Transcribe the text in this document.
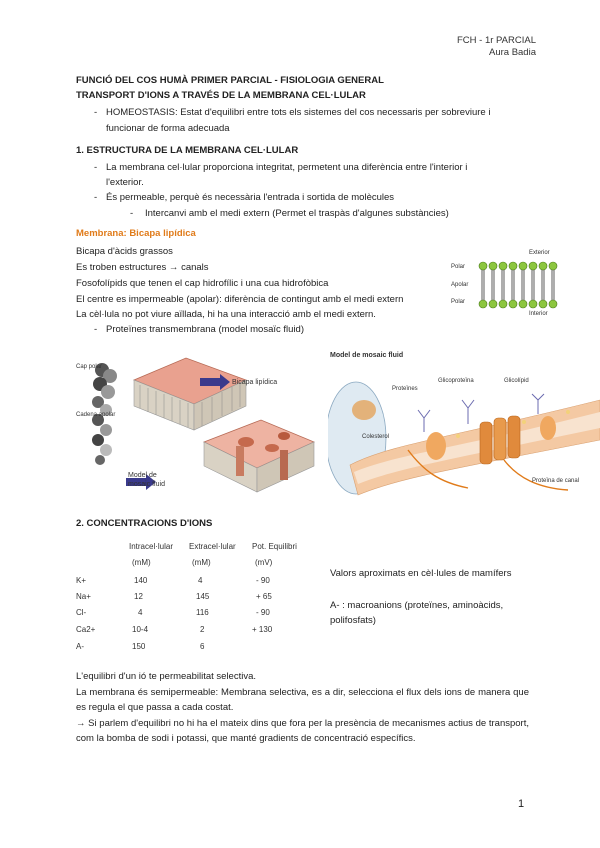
FCH - 1r PARCIAL
Aura Badia
FUNCIÓ DEL COS HUMÀ PRIMER PARCIAL - FISIOLOGIA GENERAL
TRANSPORT D'IONS A TRAVÉS DE LA MEMBRANA CEL·LULAR
- HOMEOSTASIS: Estat d'equilibri entre tots els sistemes del cos necessaris per sobreviure i
funcionar de forma adecuada
1. ESTRUCTURA DE LA MEMBRANA CEL·LULAR
- La membrana cel·lular proporciona integritat, permetent una diferència entre l'interior i
l'exterior.
- És permeable, perquè és necessària l'entrada i sortida de molècules
- Intercanvi amb el medi extern (Permet el traspàs d'algunes substàncies)
Membrana: Bicapa lipídica
Bicapa d'àcids grassos
Es troben estructures → canals
Fosofolípids que tenen el cap hidrofílic i una cua hidrofòbica
El centre es impermeable (apolar): diferència de contingut amb el medi extern
La cèl·lula no pot viure aïllada, hi ha una interacció amb el medi extern.
- Proteïnes transmembrana (model mosaïc fluid)
Exterior
Polar
Apolar
Polar
Interior
Cap polar
Cadena apolar
Bicapa lipídica
Model de
mosaic fluid
Model de mosaic fluid
Proteïnes
Glicoproteïna
Colesterol
Glicolípid
Proteïna de canal
2. CONCENTRACIONS D'IONS
Intracel·lular Extracel·lular Pot. Equilibri
(mM)	(mM)	(mV)
K+	140	4	- 90
Na+	12	145	+ 65
Cl-	4	116	- 90
Ca2+	10-4	2	+ 130
A-	150	6
Valors aproximats en cèl·lules de mamífers
A- : macroanions (proteïnes, aminoàcids,
polifosfats)
L'equilibri d'un ió te permeabilitat selectiva.
La membrana és semipermeable: Membrana selectiva, es a dir, selecciona el flux dels ions de manera que es regula el que passa a cada costat.
→ Si parlem d'equilibri no hi ha el mateix dins que fora per la presència de mecanismes actius de transport, com la bomba de sodi i potassi, que manté gradients de concentració específics.
1
